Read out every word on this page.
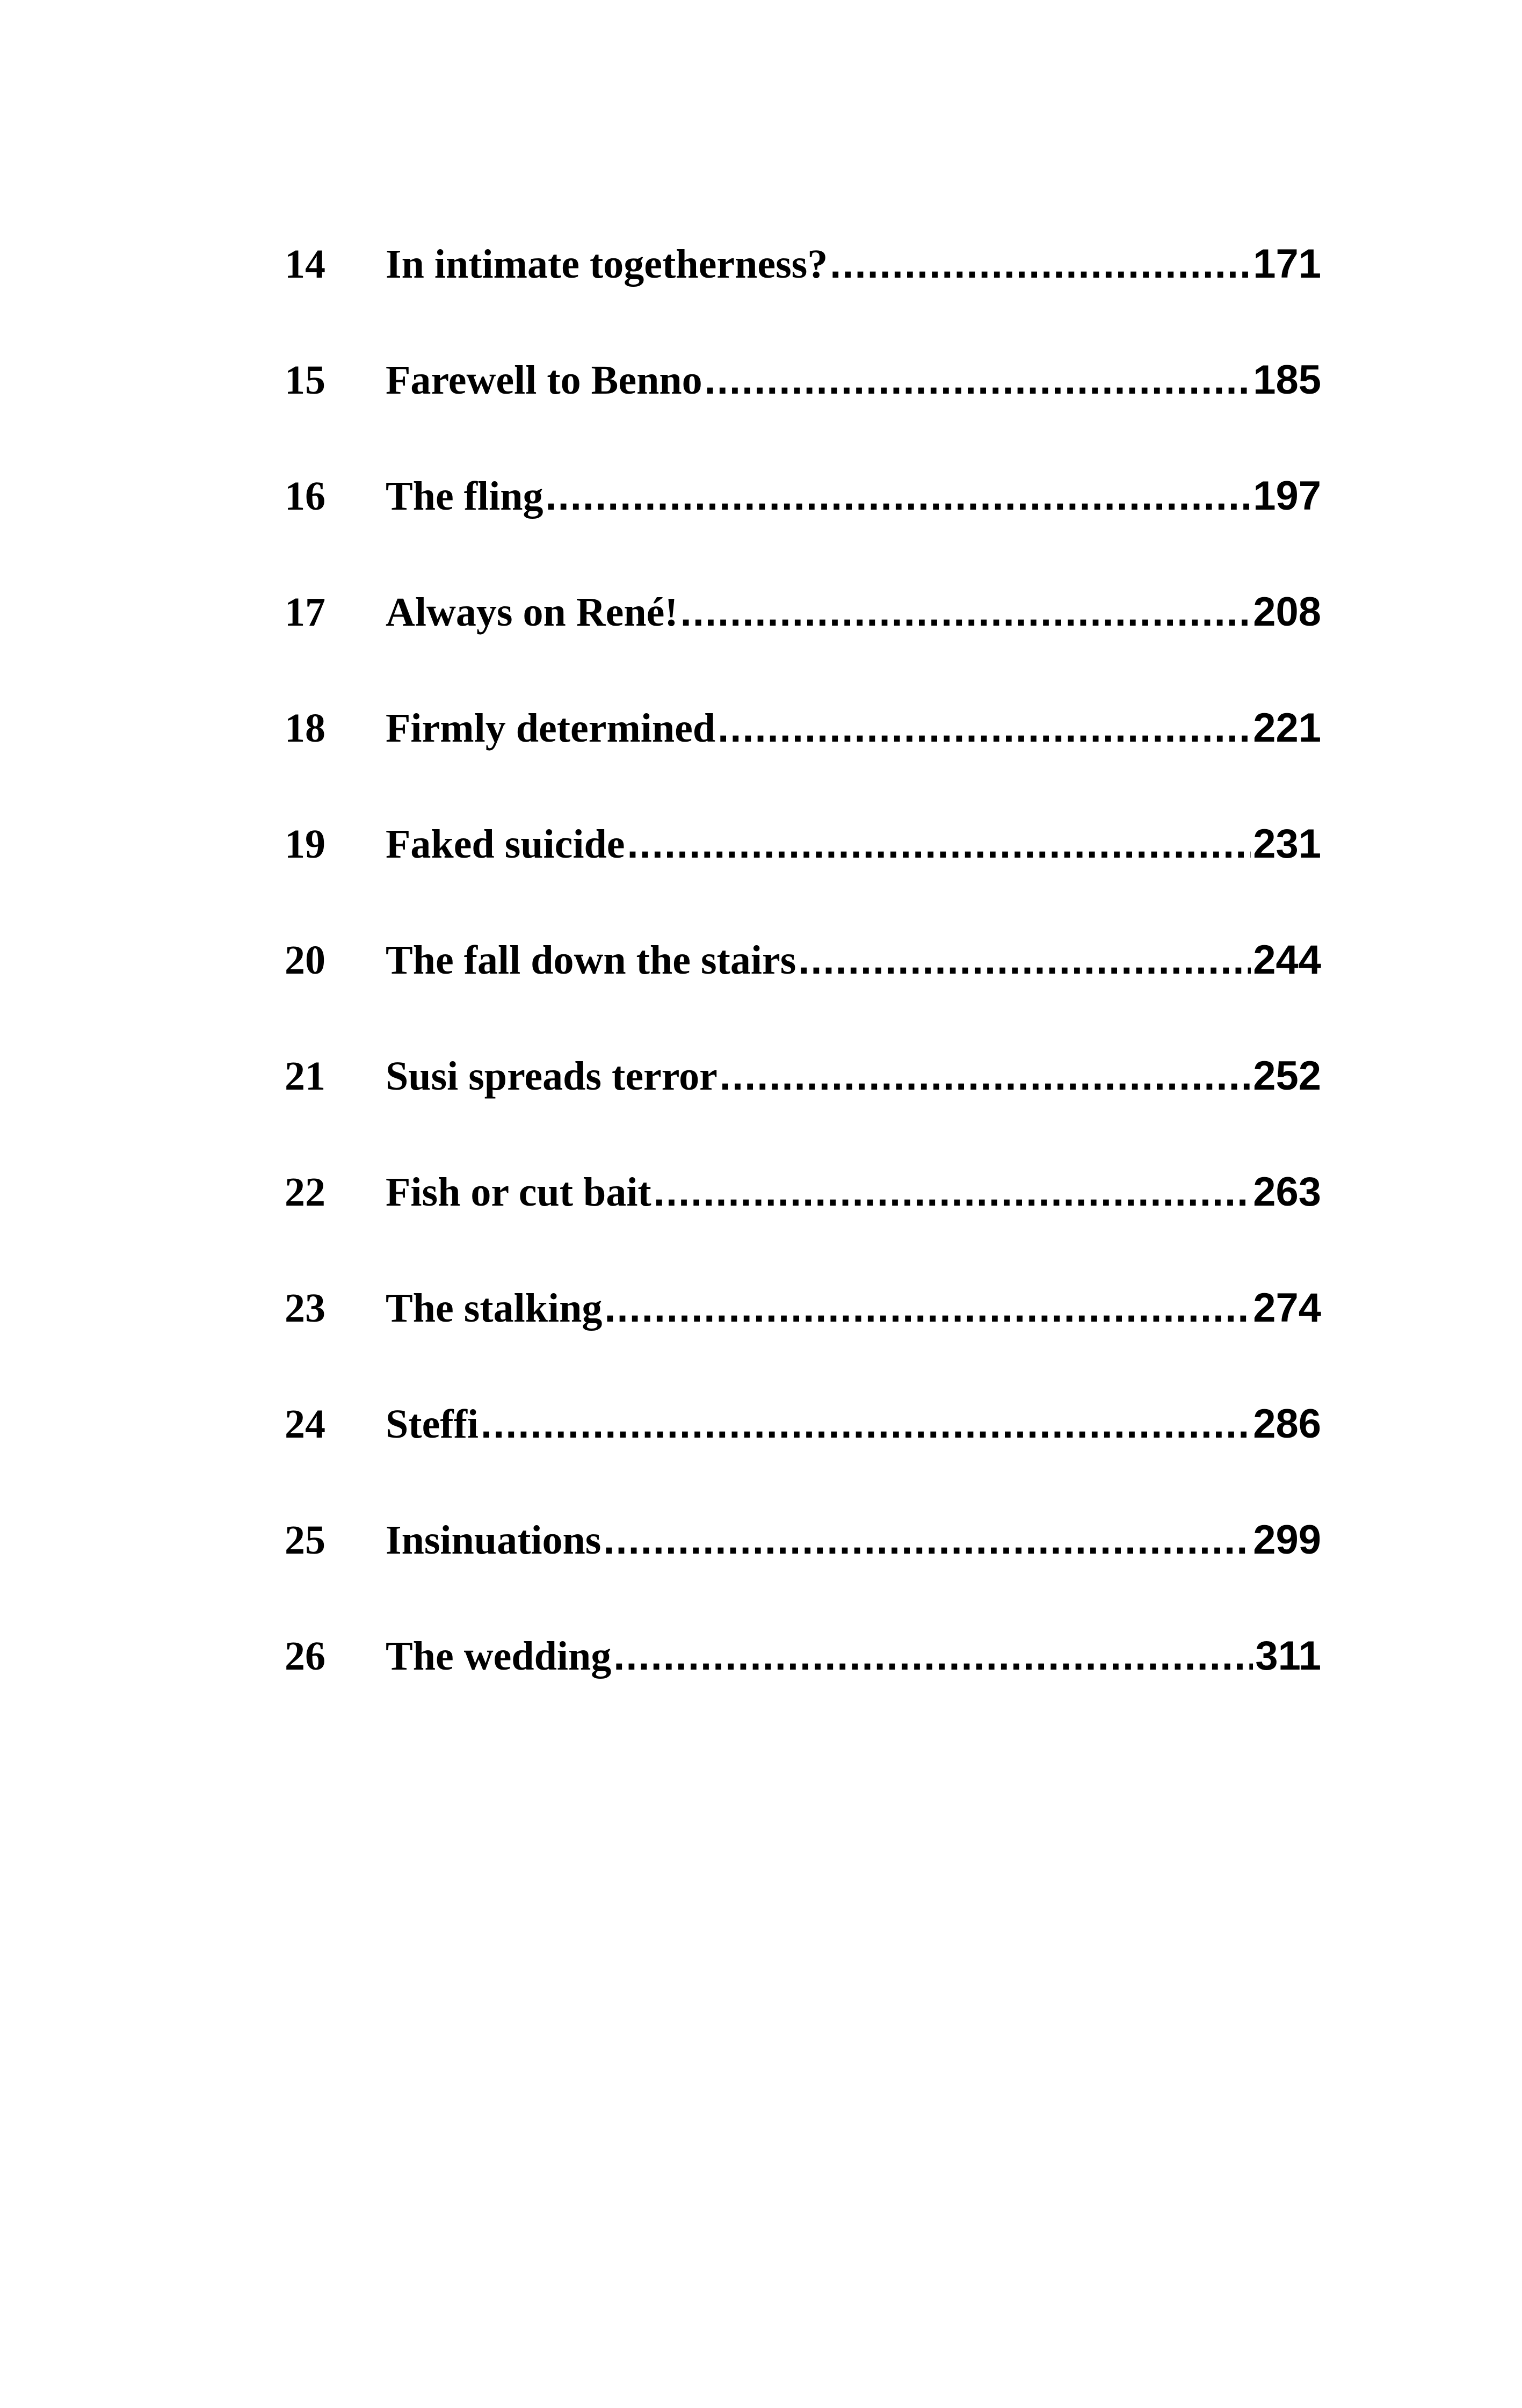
14	In intimate togetherness? .....	171
15	Farewell to Benno .....	185
16	The fling .....	197
17	Always on René! .....	208
18	Firmly determined .....	221
19	Faked suicide .....	231
20	The fall down the stairs .....	244
21	Susi spreads terror .....	252
22	Fish or cut bait .....	263
23	The stalking .....	274
24	Steffi .....	286
25	Insinuations .....	299
26	The wedding .....	311
